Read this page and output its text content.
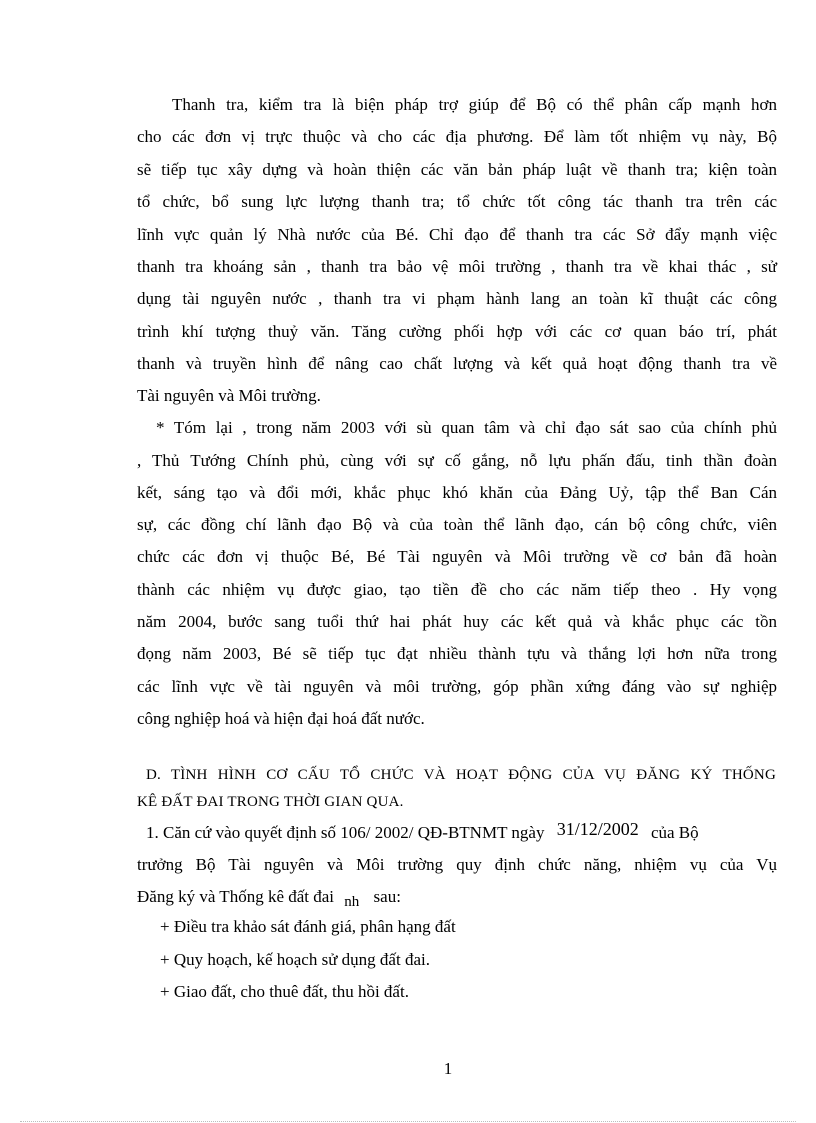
Thanh tra, kiểm tra là biện pháp trợ giúp để Bộ có thể phân cấp mạnh hơn
cho các đơn vị trực thuộc và cho các địa phương. Để làm tốt nhiệm vụ này, Bộ
sẽ tiếp tục xây dựng và hoàn thiện các văn bản pháp luật về thanh tra; kiện toàn
tổ chức, bổ sung lực lượng thanh tra; tổ chức tốt công tác thanh tra trên các
lĩnh vực quản lý Nhà nước của Bé. Chỉ đạo để thanh tra các Sở đẩy mạnh việc
thanh tra khoáng sản , thanh tra bảo vệ môi trường , thanh tra về khai thác , sử
dụng tài nguyên nước , thanh tra vi phạm hành lang an toàn kĩ thuật các công
trình khí tượng thuỷ văn. Tăng cường phối hợp với các cơ quan báo trí, phát
thanh và truyền hình để nâng cao chất lượng và kết quả hoạt động thanh tra về
Tài nguyên và Môi trường.
* Tóm lại , trong năm 2003 với sù quan tâm và chỉ đạo sát sao của chính phủ
, Thủ Tướng Chính phủ, cùng với sự cố gắng, nỗ lựu phấn đấu, tinh thần đoàn
kết, sáng tạo và đổi mới, khắc phục khó khăn của Đảng Uỷ, tập thể Ban Cán
sự, các đồng chí lãnh đạo Bộ và của toàn thể lãnh đạo, cán bộ công chức, viên
chức các đơn vị thuộc Bé, Bé Tài nguyên và Môi trường về cơ bản đã hoàn
thành các nhiệm vụ được giao, tạo tiền đề cho các năm tiếp theo . Hy vọng
năm 2004, bước sang tuổi thứ hai phát huy các kết quả và khắc phục các tồn
đọng năm 2003, Bé sẽ tiếp tục đạt nhiều thành tựu và thắng lợi hơn nữa trong
các lĩnh vực về tài nguyên và môi trường, góp phần xứng đáng vào sự nghiệp
công nghiệp hoá và hiện đại hoá đất nước.
D. TÌNH HÌNH CƠ CẤU TỔ CHỨC VÀ HOẠT ĐỘNG CỦA VỤ ĐĂNG KÝ THỐNG
KÊ ĐẤT ĐAI TRONG THỜI GIAN QUA.
1. Căn cứ vào quyết định số 106/ 2002/ QĐ-BTNMT ngày 31/12/2002 của Bộ
trưởng Bộ Tài nguyên và Môi trường quy định chức năng, nhiệm vụ của Vụ
Đăng ký và Thống kê đất đai nh sau:
+ Điều tra khảo sát đánh giá, phân hạng đất
+ Quy hoạch, kế hoạch sử dụng đất đai.
+ Giao đất, cho thuê đất, thu hồi đất.
1
